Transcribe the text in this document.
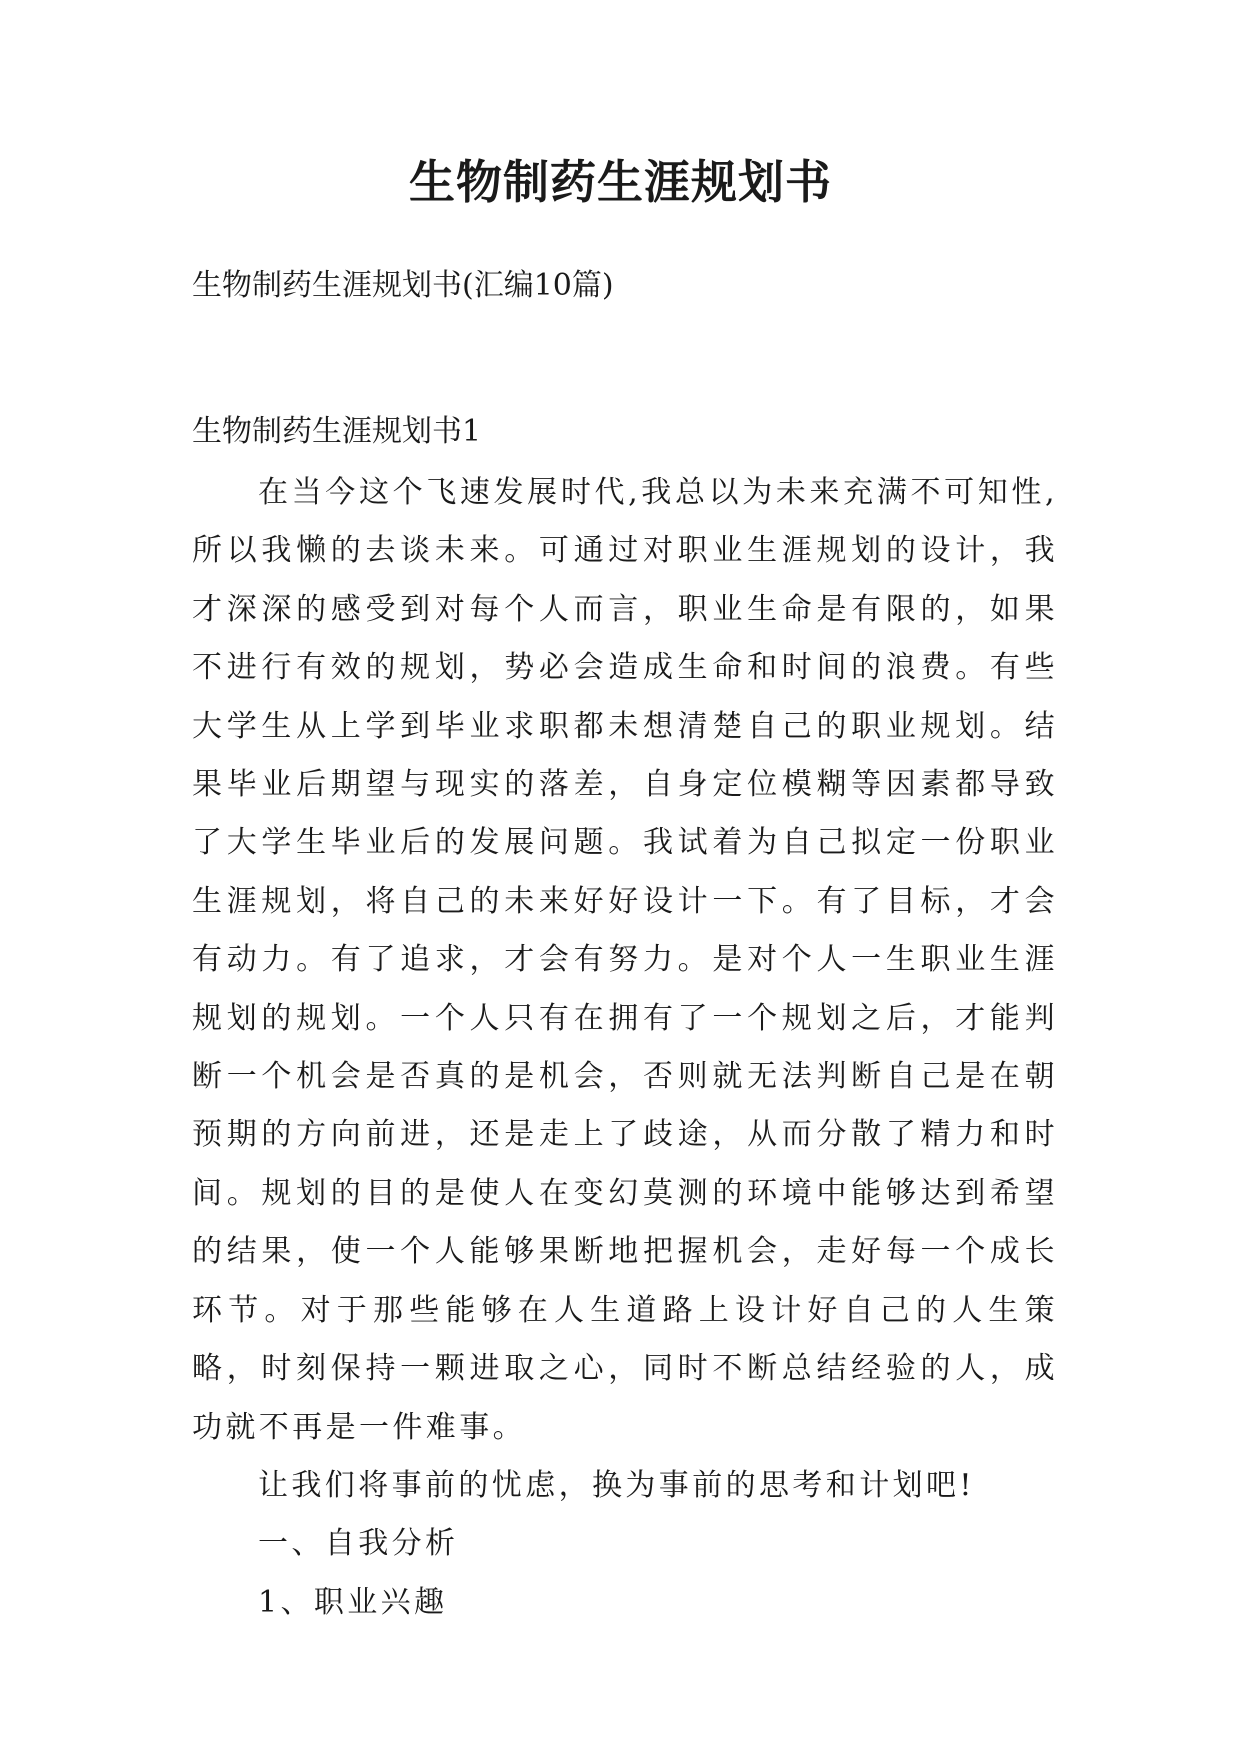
生物制药生涯规划书
生物制药生涯规划书(汇编10篇)
生物制药生涯规划书1

在当今这个飞速发展时代,我总以为未来充满不可知性,所以我懒的去谈未来。可通过对职业生涯规划的设计，我才深深的感受到对每个人而言，职业生命是有限的，如果不进行有效的规划，势必会造成生命和时间的浪费。有些大学生从上学到毕业求职都未想清楚自己的职业规划。结果毕业后期望与现实的落差，自身定位模糊等因素都导致了大学生毕业后的发展问题。我试着为自己拟定一份职业生涯规划，将自己的未来好好设计一下。有了目标，才会有动力。有了追求，才会有努力。是对个人一生职业生涯规划的规划。一个人只有在拥有了一个规划之后，才能判断一个机会是否真的是机会，否则就无法判断自己是在朝预期的方向前进，还是走上了歧途，从而分散了精力和时间。规划的目的是使人在变幻莫测的环境中能够达到希望的结果，使一个人能够果断地把握机会，走好每一个成长环节。对于那些能够在人生道路上设计好自己的人生策略，时刻保持一颗进取之心，同时不断总结经验的人，成功就不再是一件难事。

让我们将事前的忧虑，换为事前的思考和计划吧!

一、自我分析

1、职业兴趣
